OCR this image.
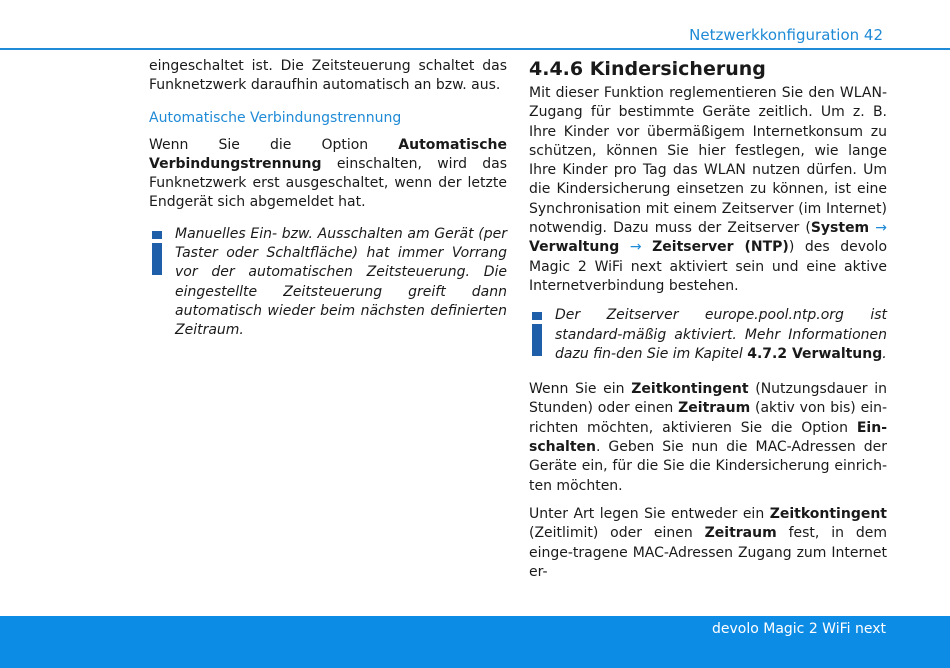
Netzwerkkonfiguration 42

eingeschaltet ist. Die Zeitsteuerung schaltet das Funknetzwerk daraufhin automatisch an bzw. aus.

Automatische Verbindungstrennung

Wenn Sie die Option Automatische Verbindungstrennung einschalten, wird das Funknetzwerk erst ausgeschaltet, wenn der letzte Endgerät sich abgemeldet hat.

Manuelles Ein- bzw. Ausschalten am Gerät (per Taster oder Schaltfläche) hat immer Vorrang vor der automatischen Zeitsteuerung. Die eingestellte Zeitsteuerung greift dann automatisch wieder beim nächsten definierten Zeitraum.

4.4.6 Kindersicherung

Mit dieser Funktion reglementieren Sie den WLAN-Zugang für bestimmte Geräte zeitlich. Um z. B. Ihre Kinder vor übermäßigem Internetkonsum zu schützen, können Sie hier festlegen, wie lange Ihre Kinder pro Tag das WLAN nutzen dürfen. Um die Kindersicherung einsetzen zu können, ist eine Synchronisation mit einem Zeitserver (im Internet) notwendig. Dazu muss der Zeitserver (System → Verwaltung → Zeitserver (NTP)) des devolo Magic 2 WiFi next aktiviert sein und eine aktive Internetverbindung bestehen.

Der Zeitserver europe.pool.ntp.org ist standard-mäßig aktiviert. Mehr Informationen dazu fin-den Sie im Kapitel 4.7.2 Verwaltung.

Wenn Sie ein Zeitkontingent (Nutzungsdauer in Stunden) oder einen Zeitraum (aktiv von bis) ein-richten möchten, aktivieren Sie die Option Ein-schalten. Geben Sie nun die MAC-Adressen der Geräte ein, für die Sie die Kindersicherung einrich-ten möchten.

Unter Art legen Sie entweder ein Zeitkontingent (Zeitlimit) oder einen Zeitraum fest, in dem einge-tragene MAC-Adressen Zugang zum Internet er-

devolo Magic 2 WiFi next
